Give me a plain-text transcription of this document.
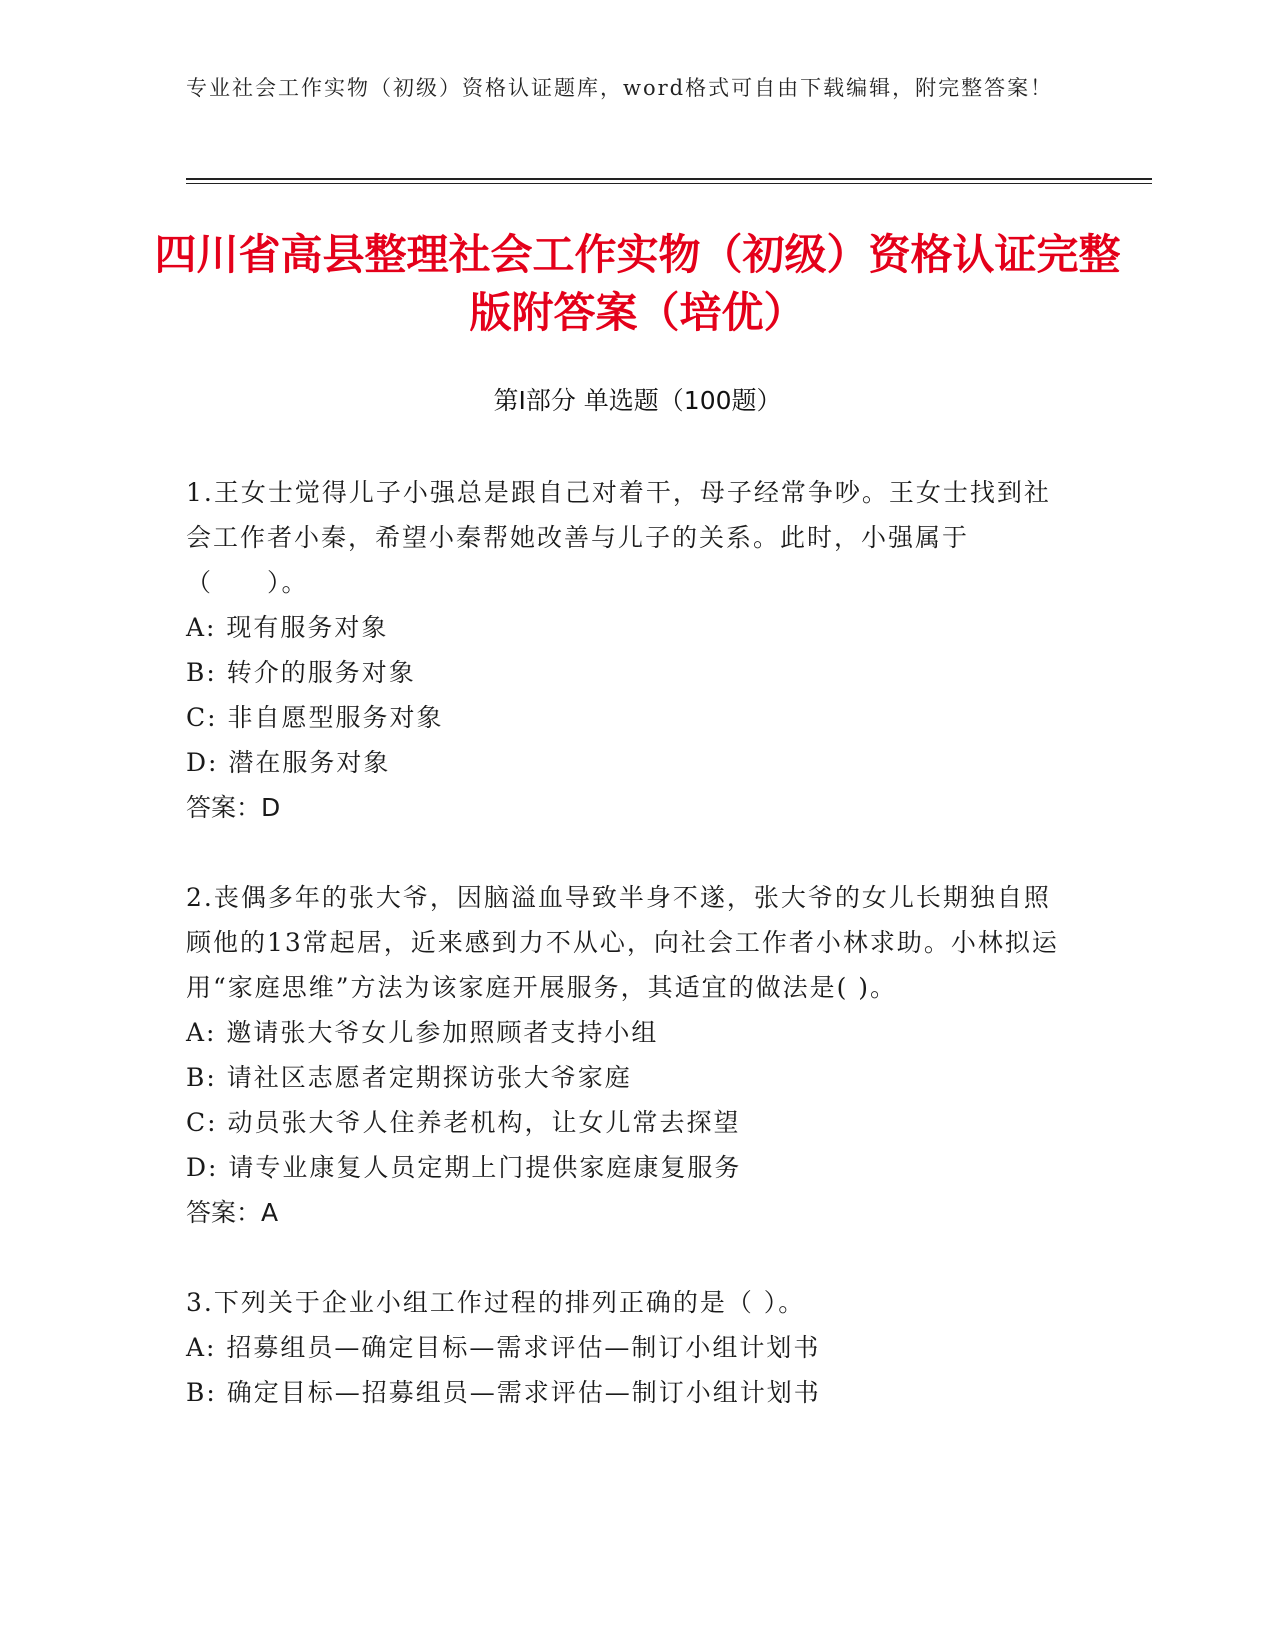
专业社会工作实物（初级）资格认证题库，word格式可自由下载编辑，附完整答案！
四川省高县整理社会工作实物（初级）资格认证完整版附答案（培优）
第Ⅰ部分 单选题（100题）
1.王女士觉得儿子小强总是跟自己对着干，母子经常争吵。王女士找到社会工作者小秦，希望小秦帮她改善与儿子的关系。此时，小强属于（　　）。
A: 现有服务对象
B: 转介的服务对象
C: 非自愿型服务对象
D: 潜在服务对象
答案：D
2.丧偶多年的张大爷，因脑溢血导致半身不遂，张大爷的女儿长期独自照顾他的13常起居，近来感到力不从心，向社会工作者小林求助。小林拟运用“家庭思维”方法为该家庭开展服务，其适宜的做法是( )。
A: 邀请张大爷女儿参加照顾者支持小组
B: 请社区志愿者定期探访张大爷家庭
C: 动员张大爷人住养老机构，让女儿常去探望
D: 请专业康复人员定期上门提供家庭康复服务
答案：A
3.下列关于企业小组工作过程的排列正确的是（ ）。
A: 招募组员—确定目标—需求评估—制订小组计划书
B: 确定目标—招募组员—需求评估—制订小组计划书
